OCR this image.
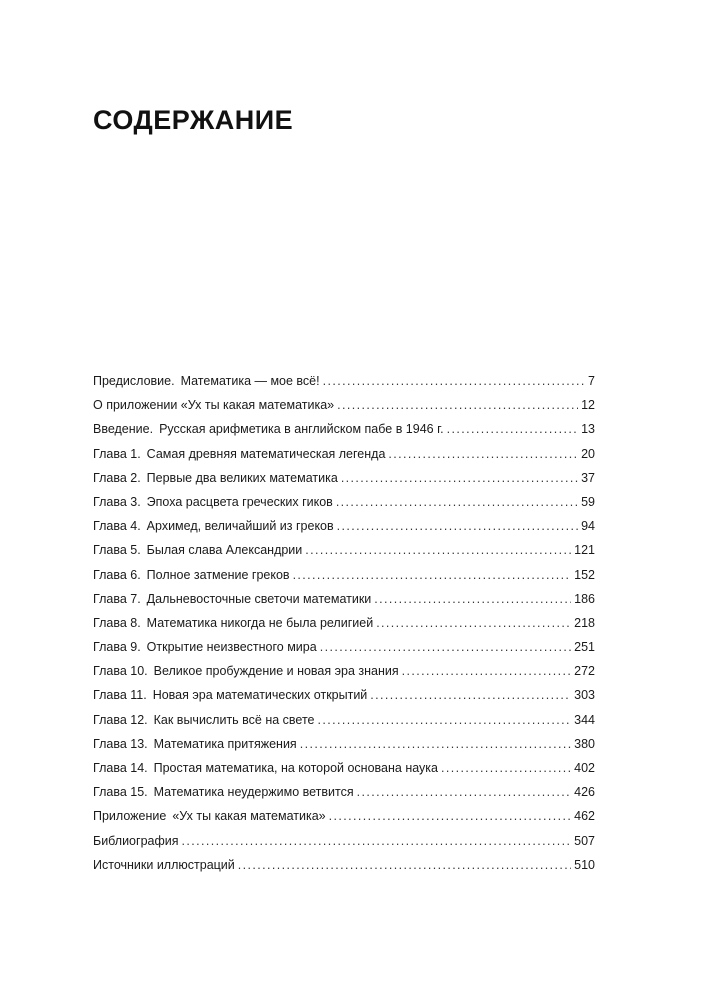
СОДЕРЖАНИЕ
Предисловие. Математика — мое всё! .....	7
О приложении «Ух ты какая математика» .....	12
Введение. Русская арифметика в английском пабе в 1946 г. .....	13
Глава 1. Самая древняя математическая легенда .....	20
Глава 2. Первые два великих математика .....	37
Глава 3. Эпоха расцвета греческих гиков .....	59
Глава 4. Архимед, величайший из греков .....	94
Глава 5. Былая слава Александрии .....	121
Глава 6. Полное затмение греков .....	152
Глава 7. Дальневосточные светочи математики .....	186
Глава 8. Математика никогда не была религией .....	218
Глава 9. Открытие неизвестного мира .....	251
Глава 10. Великое пробуждение и новая эра знания .....	272
Глава 11. Новая эра математических открытий .....	303
Глава 12. Как вычислить всё на свете .....	344
Глава 13. Математика притяжения .....	380
Глава 14. Простая математика, на которой основана наука .....	402
Глава 15. Математика неудержимо ветвится .....	426
Приложение «Ух ты какая математика» .....	462
Библиография .....	507
Источники иллюстраций .....	510
